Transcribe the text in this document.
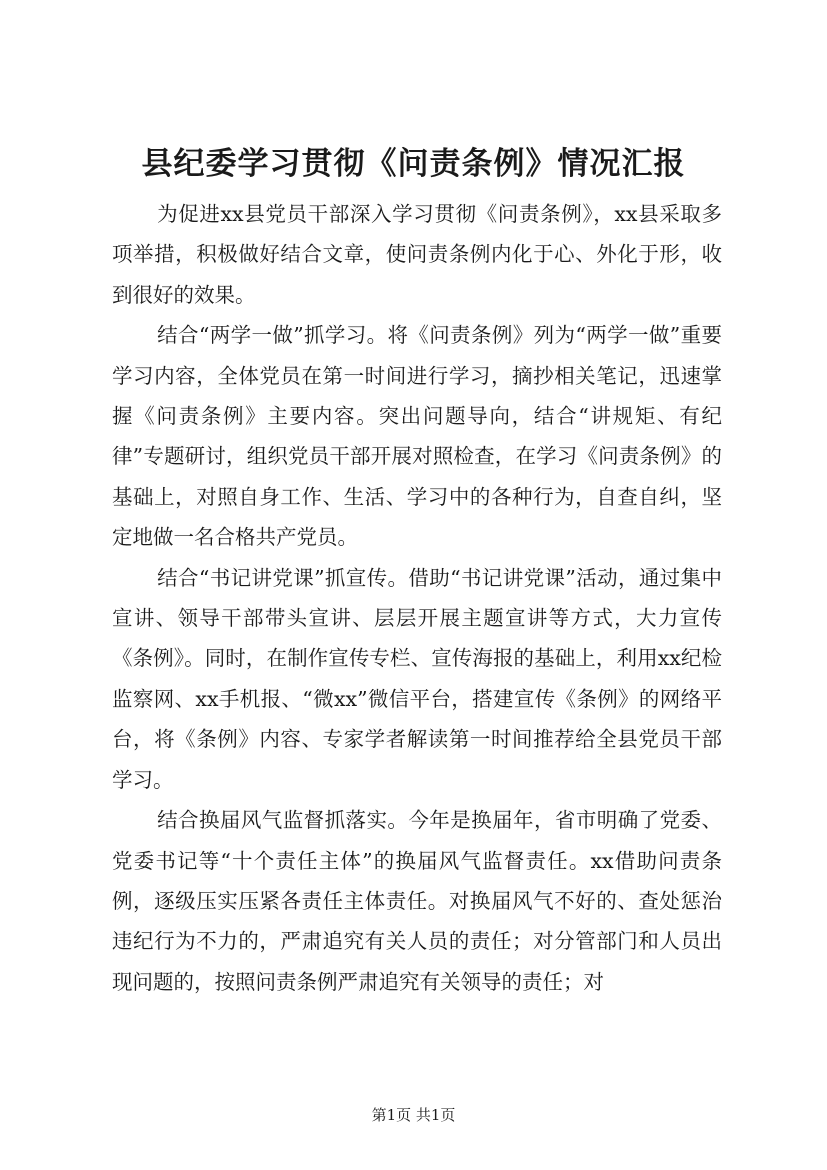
县纪委学习贯彻《问责条例》情况汇报

为促进xx县党员干部深入学习贯彻《问责条例》，xx县采取多项举措，积极做好结合文章，使问责条例内化于心、外化于形，收到很好的效果。

结合“两学一做”抓学习。将《问责条例》列为“两学一做”重要学习内容，全体党员在第一时间进行学习，摘抄相关笔记，迅速掌握《问责条例》主要内容。突出问题导向，结合“讲规矩、有纪律”专题研讨，组织党员干部开展对照检查，在学习《问责条例》的基础上，对照自身工作、生活、学习中的各种行为，自查自纠，坚定地做一名合格共产党员。

结合“书记讲党课”抓宣传。借助“书记讲党课”活动，通过集中宣讲、领导干部带头宣讲、层层开展主题宣讲等方式，大力宣传《条例》。同时，在制作宣传专栏、宣传海报的基础上，利用xx纪检监察网、xx手机报、“微xx”微信平台，搭建宣传《条例》的网络平台，将《条例》内容、专家学者解读第一时间推荐给全县党员干部学习。

结合换届风气监督抓落实。今年是换届年，省市明确了党委、党委书记等“十个责任主体”的换届风气监督责任。xx借助问责条例，逐级压实压紧各责任主体责任。对换届风气不好的、查处惩治违纪行为不力的，严肃追究有关人员的责任；对分管部门和人员出现问题的，按照问责条例严肃追究有关领导的责任；对

第1页 共1页
